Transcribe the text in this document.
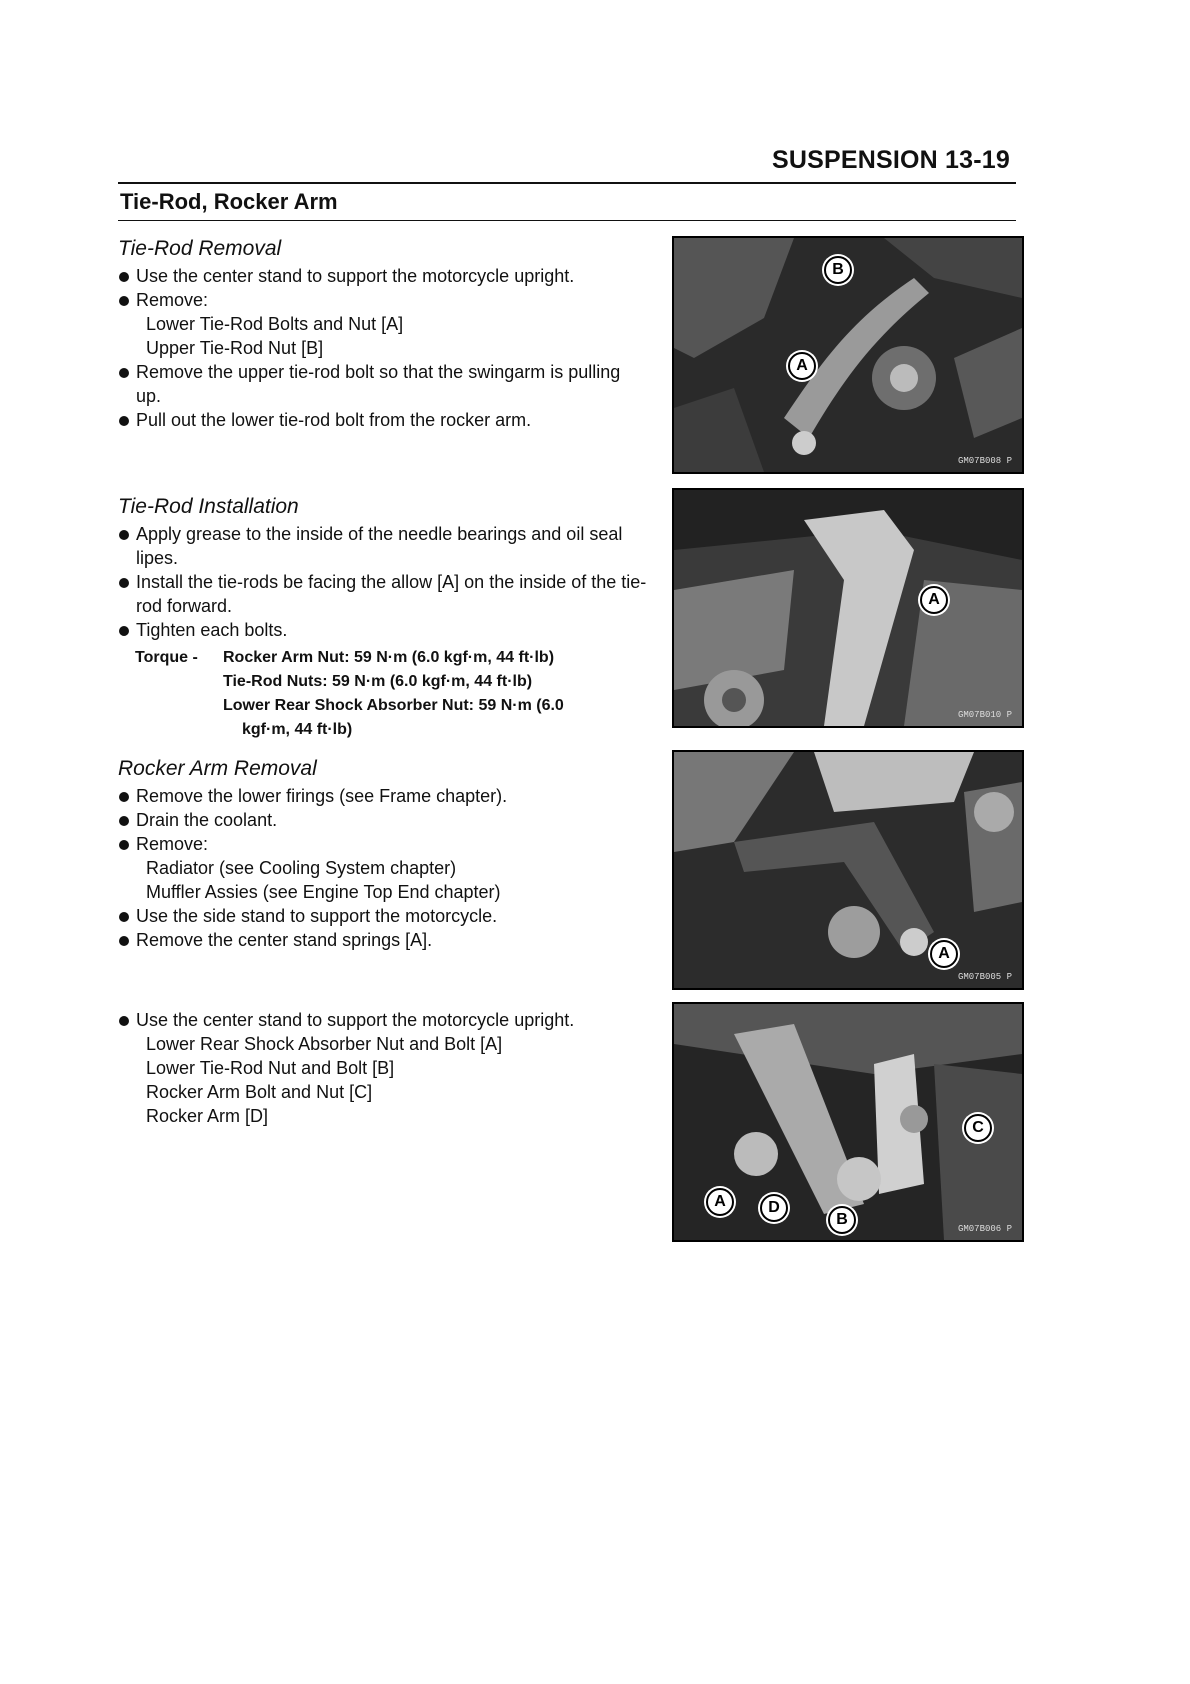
SUSPENSION 13-19
Tie-Rod, Rocker Arm
Tie-Rod Removal
Use the center stand to support the motorcycle upright.
Remove:
Lower Tie-Rod Bolts and Nut [A]
Upper Tie-Rod Nut [B]
Remove the upper tie-rod bolt so that the swingarm is pulling up.
Pull out the lower tie-rod bolt from the rocker arm.
Tie-Rod Installation
Apply grease to the inside of the needle bearings and oil seal lipes.
Install the tie-rods be facing the allow [A] on the inside of the tie-rod forward.
Tighten each bolts.
Torque -	Rocker Arm Nut: 59 N·m (6.0 kgf·m, 44 ft·lb)
Tie-Rod Nuts: 59 N·m (6.0 kgf·m, 44 ft·lb)
Lower Rear Shock Absorber Nut: 59 N·m (6.0
kgf·m, 44 ft·lb)
Rocker Arm Removal
Remove the lower firings (see Frame chapter).
Drain the coolant.
Remove:
Radiator (see Cooling System chapter)
Muffler Assies (see Engine Top End chapter)
Use the side stand to support the motorcycle.
Remove the center stand springs [A].
Use the center stand to support the motorcycle upright.
Lower Rear Shock Absorber Nut and Bolt [A]
Lower Tie-Rod Nut and Bolt [B]
Rocker Arm Bolt and Nut [C]
Rocker Arm [D]
B
A
GM07B008 P
A
GM07B010 P
A
GM07B005 P
C
A	D
B
GM07B006 P
